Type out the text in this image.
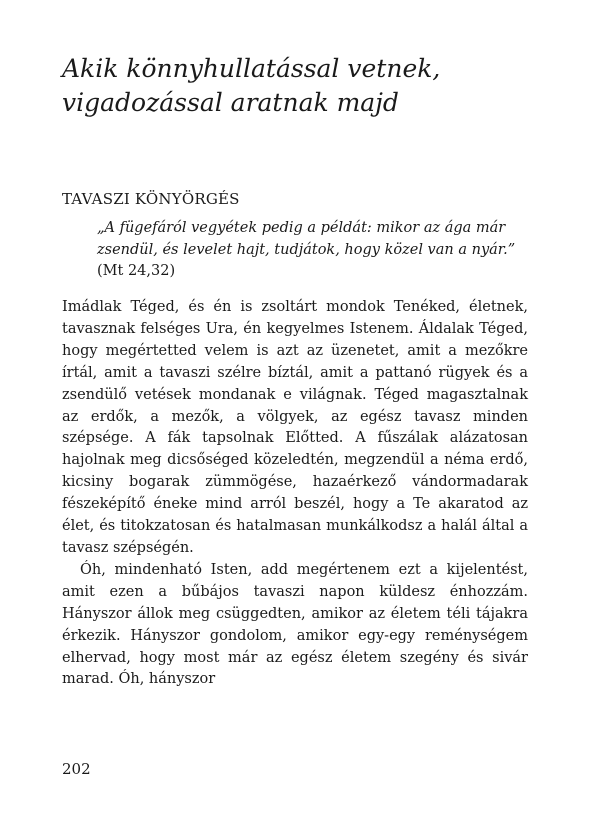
Akik könnyhullatással vetnek, vigadozással aratnak majd
TAVASZI KÖNYÖRGÉS

„A fügefáról vegyétek pedig a példát: mikor az ága már zsendül, és levelet hajt, tudjátok, hogy közel van a nyár.” (Mt 24,32)

Imádlak Téged, és én is zsoltárt mondok Tenéked, életnek, tavasznak felséges Ura, én kegyelmes Istenem. Áldalak Téged, hogy megértetted velem is azt az üzenetet, amit a mezőkre írtál, amit a tavaszi szélre bíztál, amit a pattanó rügyek és a zsendülő vetések mondanak e világnak. Téged magasztalnak az erdők, a mezők, a völgyek, az egész tavasz minden szépsége. A fák tapsolnak Előtted. A fűszálak alázatosan hajolnak meg dicsőséged közeledtén, megzendül a néma erdő, kicsiny bogarak zümmögése, hazaérkező vándormadarak fészeképítő éneke mind arról beszél, hogy a Te akaratod az élet, és titokzatosan és hatalmasan munkálkodsz a halál által a tavasz szépségén.

Óh, mindenható Isten, add megértenem ezt a kijelentést, amit ezen a bűbájos tavaszi napon küldesz énhozzám. Hányszor állok meg csüggedten, amikor az életem téli tájakra érkezik. Hányszor gondolom, amikor egy-egy reménységem elhervad, hogy most már az egész életem szegény és sivár marad. Óh, hányszor

202
